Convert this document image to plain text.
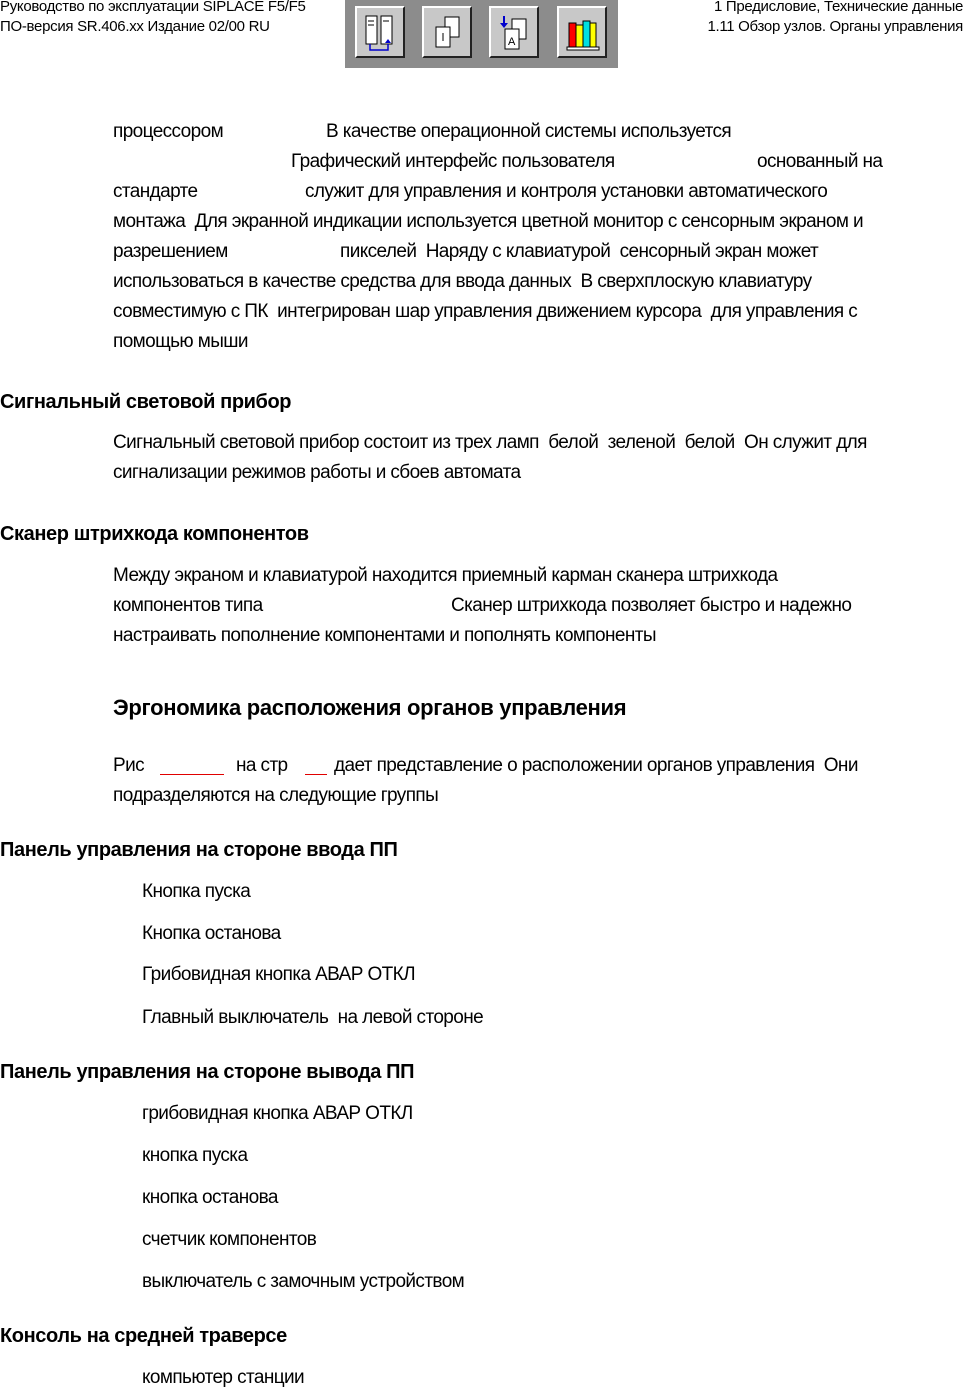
Руководство по эксплуатации SIPLACE F5/F5
ПО-версия SR.406.xx Издание 02/00 RU
1 Предисловие, Технические данные
1.11 Обзор узлов. Органы управления
A
процессором	В качестве операционной системы используется
Графический интерфейс пользователя	основанный на
стандарте	служит для управления и контроля установки автоматического
монтажа  Для экранной индикации используется цветной монитор с сенсорным экраном и
разрешением	пикселей  Наряду с клавиатурой  сенсорный экран может
использоваться в качестве средства для ввода данных  В сверхплоскую клавиатуру
совместимую с ПК  интегрирован шар управления движением курсора  для управления с
помощью мыши
Сигнальный световой прибор
Сигнальный световой прибор состоит из трех ламп  белой  зеленой  белой  Он служит для
сигнализации режимов работы и сбоев автомата
Сканер штрихкода компонентов
Между экраном и клавиатурой находится приемный карман сканера штрихкода
компонентов типа	Сканер штрихкода позволяет быстро и надежно
настраивать пополнение компонентами и пополнять компоненты
Эргономика расположения органов управления
Рис	на стр дает представление о расположении органов управления  Они
подразделяются на следующие группы
Панель управления на стороне ввода ПП
Кнопка пуска
Кнопка останова
Грибовидная кнопка АВАР ОТКЛ
Главный выключатель  на левой стороне
Панель управления на стороне вывода ПП
грибовидная кнопка АВАР ОТКЛ
кнопка пуска
кнопка останова
счетчик компонентов
выключатель с замочным устройством
Консоль на средней траверсе
компьютер станции
